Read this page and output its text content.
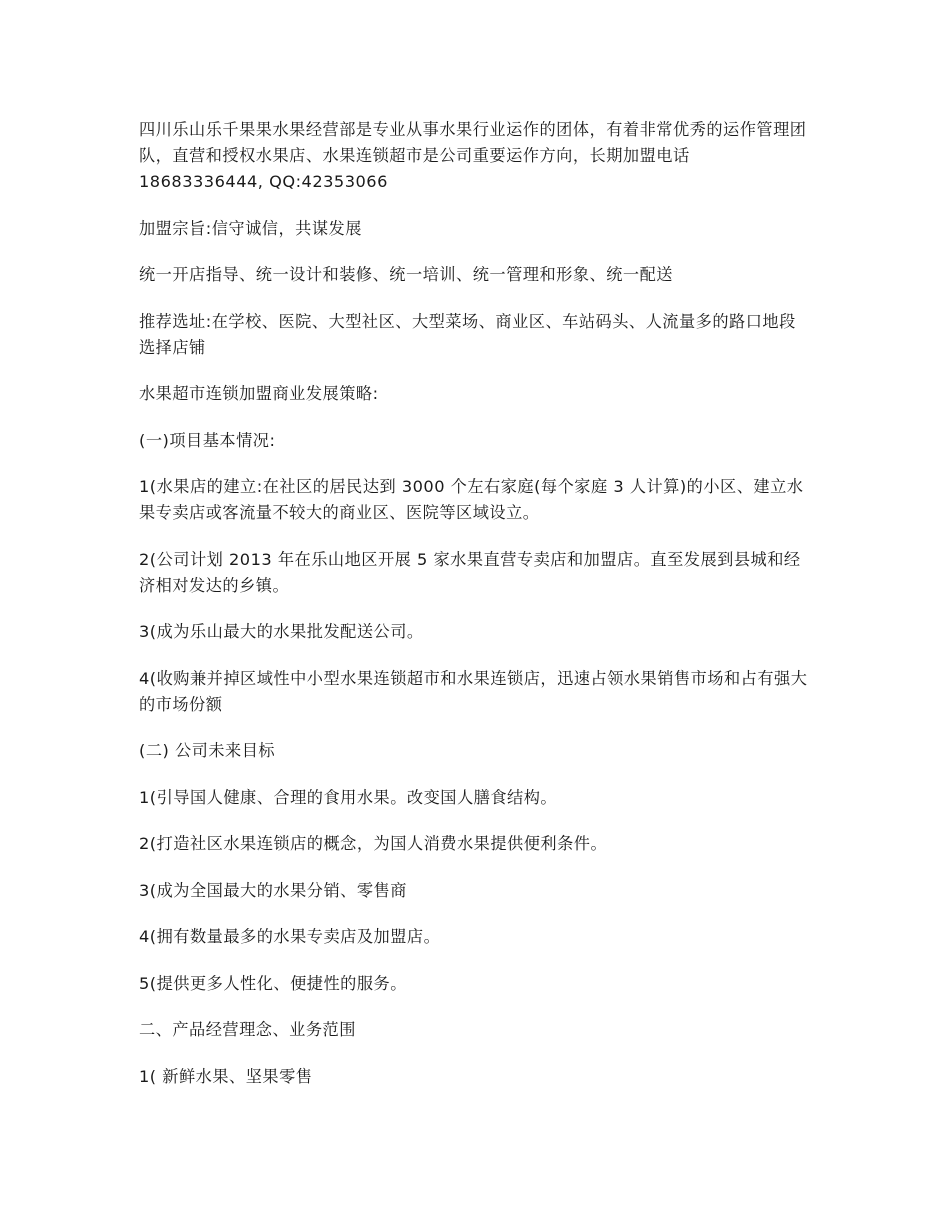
四川乐山乐千果果水果经营部是专业从事水果行业运作的团体，有着非常优秀的运作管理团队，直营和授权水果店、水果连锁超市是公司重要运作方向，长期加盟电话 18683336444, QQ:42353066

加盟宗旨:信守诚信，共谋发展

统一开店指导、统一设计和装修、统一培训、统一管理和形象、统一配送

推荐选址:在学校、医院、大型社区、大型菜场、商业区、车站码头、人流量多的路口地段选择店铺

水果超市连锁加盟商业发展策略:

(一)项目基本情况:

1(水果店的建立:在社区的居民达到 3000 个左右家庭(每个家庭 3 人计算)的小区、建立水果专卖店或客流量不较大的商业区、医院等区域设立。

2(公司计划 2013 年在乐山地区开展 5 家水果直营专卖店和加盟店。直至发展到县城和经济相对发达的乡镇。

3(成为乐山最大的水果批发配送公司。

4(收购兼并掉区域性中小型水果连锁超市和水果连锁店，迅速占领水果销售市场和占有强大的市场份额

(二) 公司未来目标

1(引导国人健康、合理的食用水果。改变国人膳食结构。

2(打造社区水果连锁店的概念，为国人消费水果提供便利条件。

3(成为全国最大的水果分销、零售商

4(拥有数量最多的水果专卖店及加盟店。

5(提供更多人性化、便捷性的服务。

二、产品经营理念、业务范围

1( 新鲜水果、坚果零售
